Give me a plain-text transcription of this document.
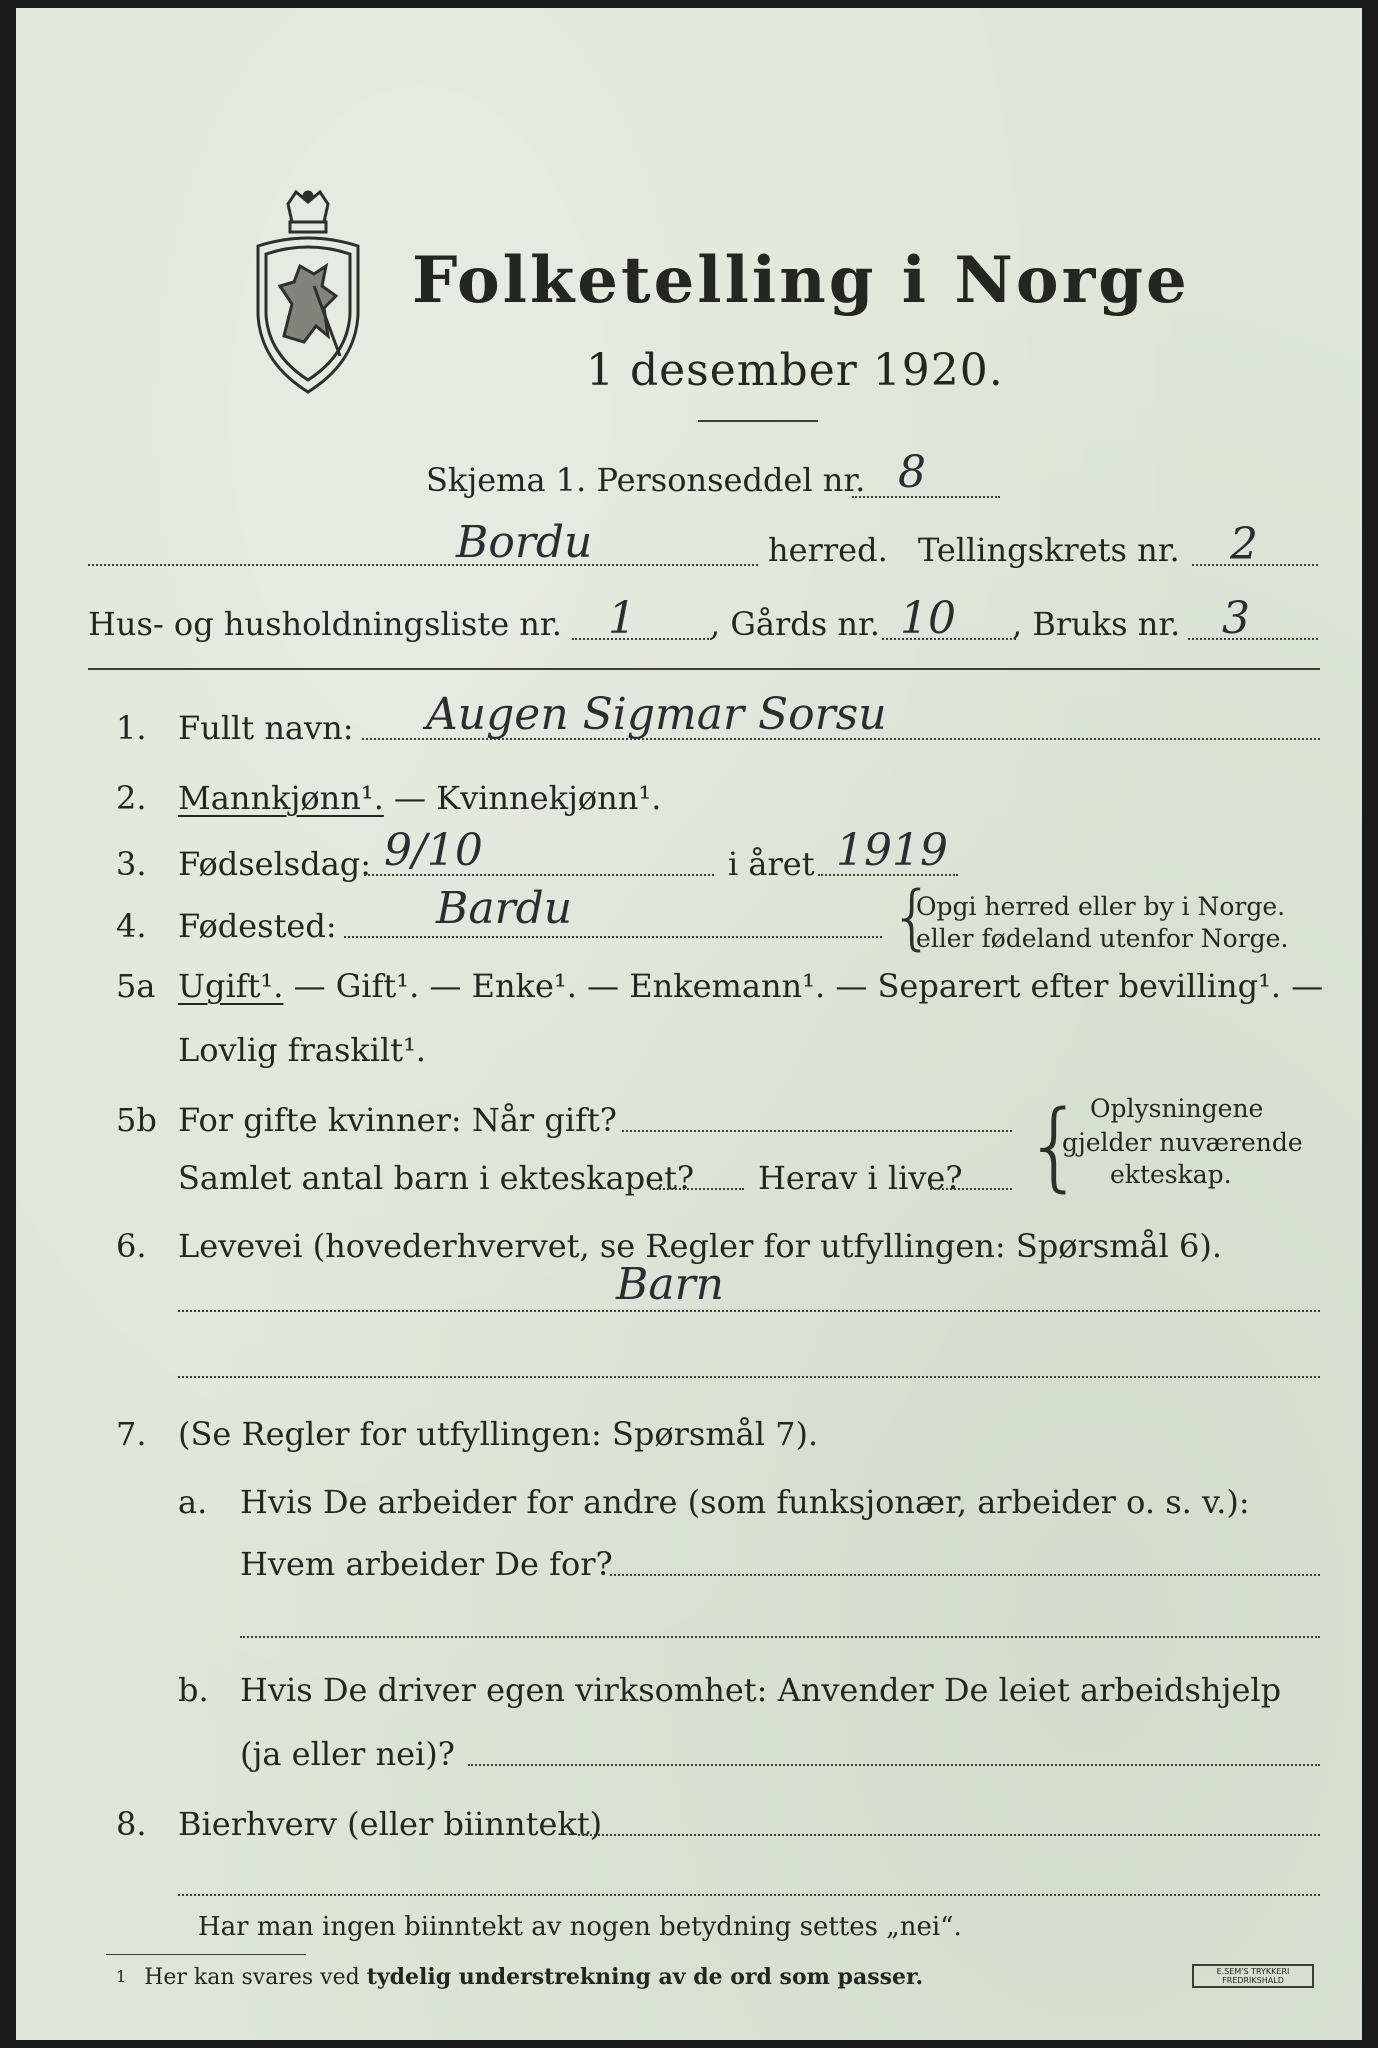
Folketelling i Norge
1 desember 1920.
Skjema 1. Personseddel nr. 8
Bordu	herred. Tellingskrets nr. 2
Hus- og husholdningsliste nr. 1 , Gårds nr. 10 , Bruks nr. 3
1. Fullt navn: Augen Sigmar Sorsu
2. Mannkjønn¹. — Kvinnekjønn¹.
3. Fødselsdag: 9/10	i året 1919
4. Fødested: Bardu	{
Opgi herred eller by i Norge.
eller fødeland utenfor Norge.
5a Ugift¹. — Gift¹. — Enke¹. — Enkemann¹. — Separert efter bevilling¹. —
Lovlig fraskilt¹.
5b For gifte kvinner: Når gift?
Samlet antal barn i ekteskapet? Herav i live? { Oplysningene
gjelder nuværende
ekteskap.
6. Levevei (hovederhvervet, se Regler for utfyllingen: Spørsmål 6).
Barn
7. (Se Regler for utfyllingen: Spørsmål 7).
a. Hvis De arbeider for andre (som funksjonær, arbeider o. s. v.):
Hvem arbeider De for?
b. Hvis De driver egen virksomhet: Anvender De leiet arbeidshjelp
(ja eller nei)?
8. Bierhverv (eller biinntekt)
Har man ingen biinntekt av nogen betydning settes „nei“.
$^1$ Her kan svares ved tydelig understrekning av de ord som passer.	E.SEM'S TRYKKERI
FREDRIKSHALD
